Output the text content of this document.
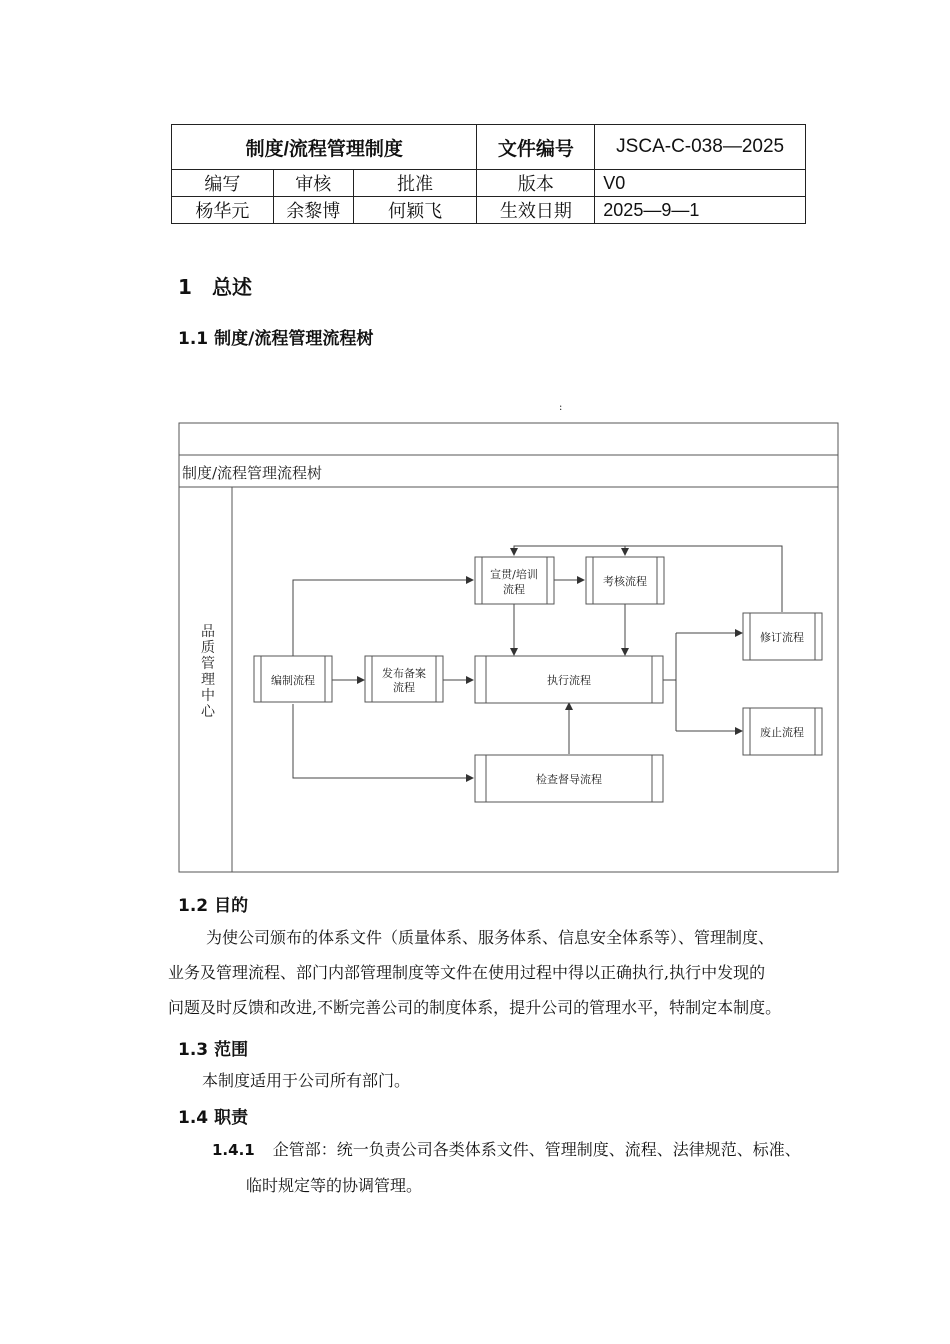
制度/流程管理制度			文件编号	JSCA-C-038—2025
编写	审核	批准	版本	V0
杨华元	余黎博	何颖飞	生效日期	2025—9—1
1 总述
1.1 制度/流程管理流程树
:
制度/流程管理流程树
品质管理中心
编制流程
发布备案
流程
宣贯/培训
流程
考核流程
执行流程
检查督导流程
修订流程
废止流程
1.2 目的
为使公司颁布的体系文件（质量体系、服务体系、信息安全体系等）、管理制度、
业务及管理流程、部门内部管理制度等文件在使用过程中得以正确执行,执行中发现的
问题及时反馈和改进,不断完善公司的制度体系，提升公司的管理水平，特制定本制度。
1.3 范围
本制度适用于公司所有部门。
1.4 职责
1.4.1 企管部：统一负责公司各类体系文件、管理制度、流程、法律规范、标准、
临时规定等的协调管理。
